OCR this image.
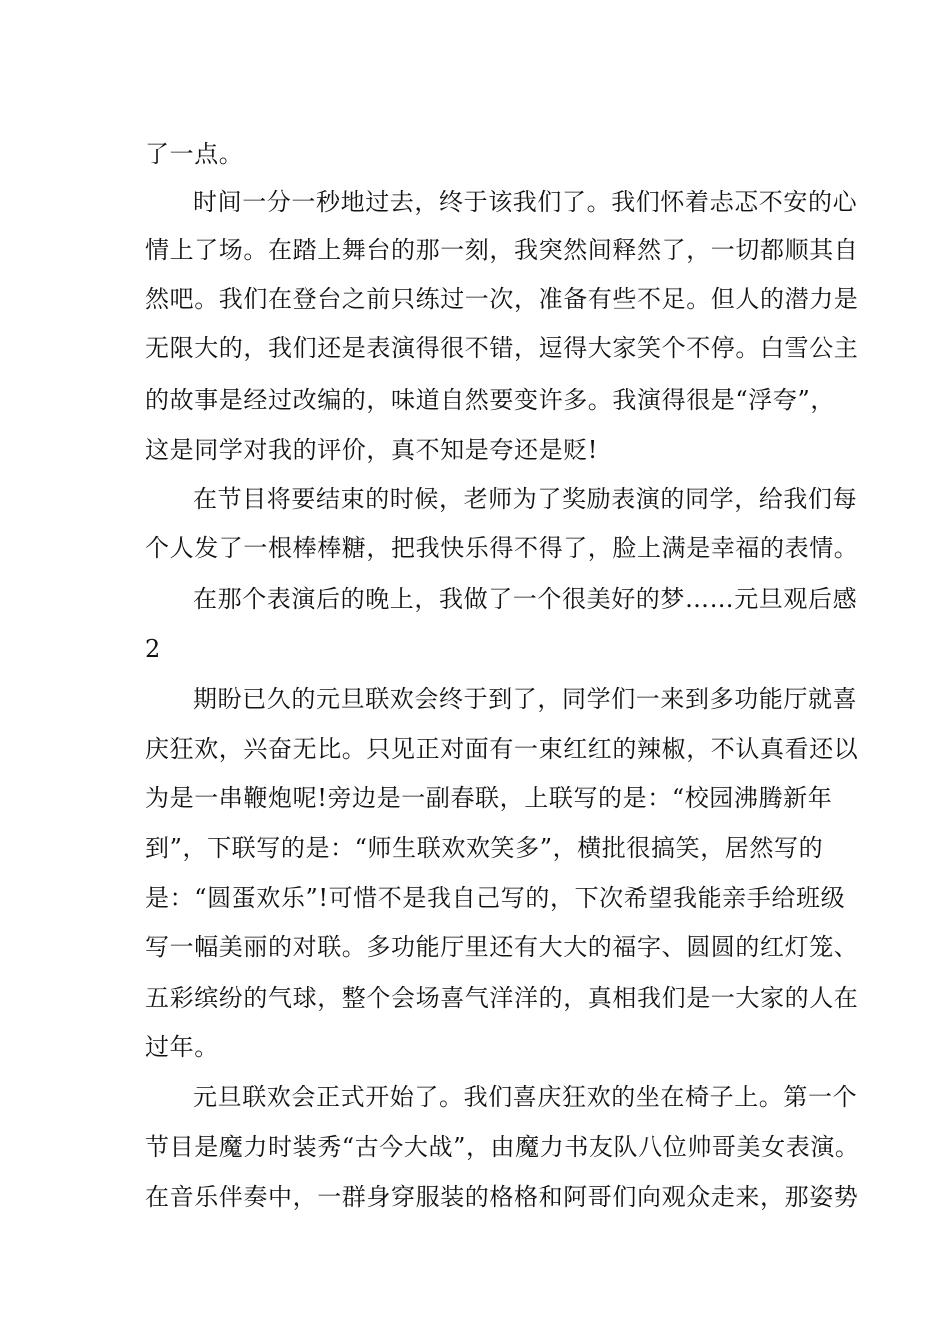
了一点。
时间一分一秒地过去，终于该我们了。我们怀着忐忑不安的心
情上了场。在踏上舞台的那一刻，我突然间释然了，一切都顺其自
然吧。我们在登台之前只练过一次，准备有些不足。但人的潜力是
无限大的，我们还是表演得很不错，逗得大家笑个不停。白雪公主
的故事是经过改编的，味道自然要变许多。我演得很是“浮夸”，
这是同学对我的评价，真不知是夸还是贬!
在节目将要结束的时候，老师为了奖励表演的同学，给我们每
个人发了一根棒棒糖，把我快乐得不得了，脸上满是幸福的表情。
在那个表演后的晚上，我做了一个很美好的梦……元旦观后感
2
期盼已久的元旦联欢会终于到了，同学们一来到多功能厅就喜
庆狂欢，兴奋无比。只见正对面有一束红红的辣椒，不认真看还以
为是一串鞭炮呢!旁边是一副春联，上联写的是：“校园沸腾新年
到”，下联写的是：“师生联欢欢笑多”，横批很搞笑，居然写的
是：“圆蛋欢乐”!可惜不是我自己写的，下次希望我能亲手给班级
写一幅美丽的对联。多功能厅里还有大大的福字、圆圆的红灯笼、
五彩缤纷的气球，整个会场喜气洋洋的，真相我们是一大家的人在
过年。
元旦联欢会正式开始了。我们喜庆狂欢的坐在椅子上。第一个
节目是魔力时装秀“古今大战”，由魔力书友队八位帅哥美女表演。
在音乐伴奏中，一群身穿服装的格格和阿哥们向观众走来，那姿势
